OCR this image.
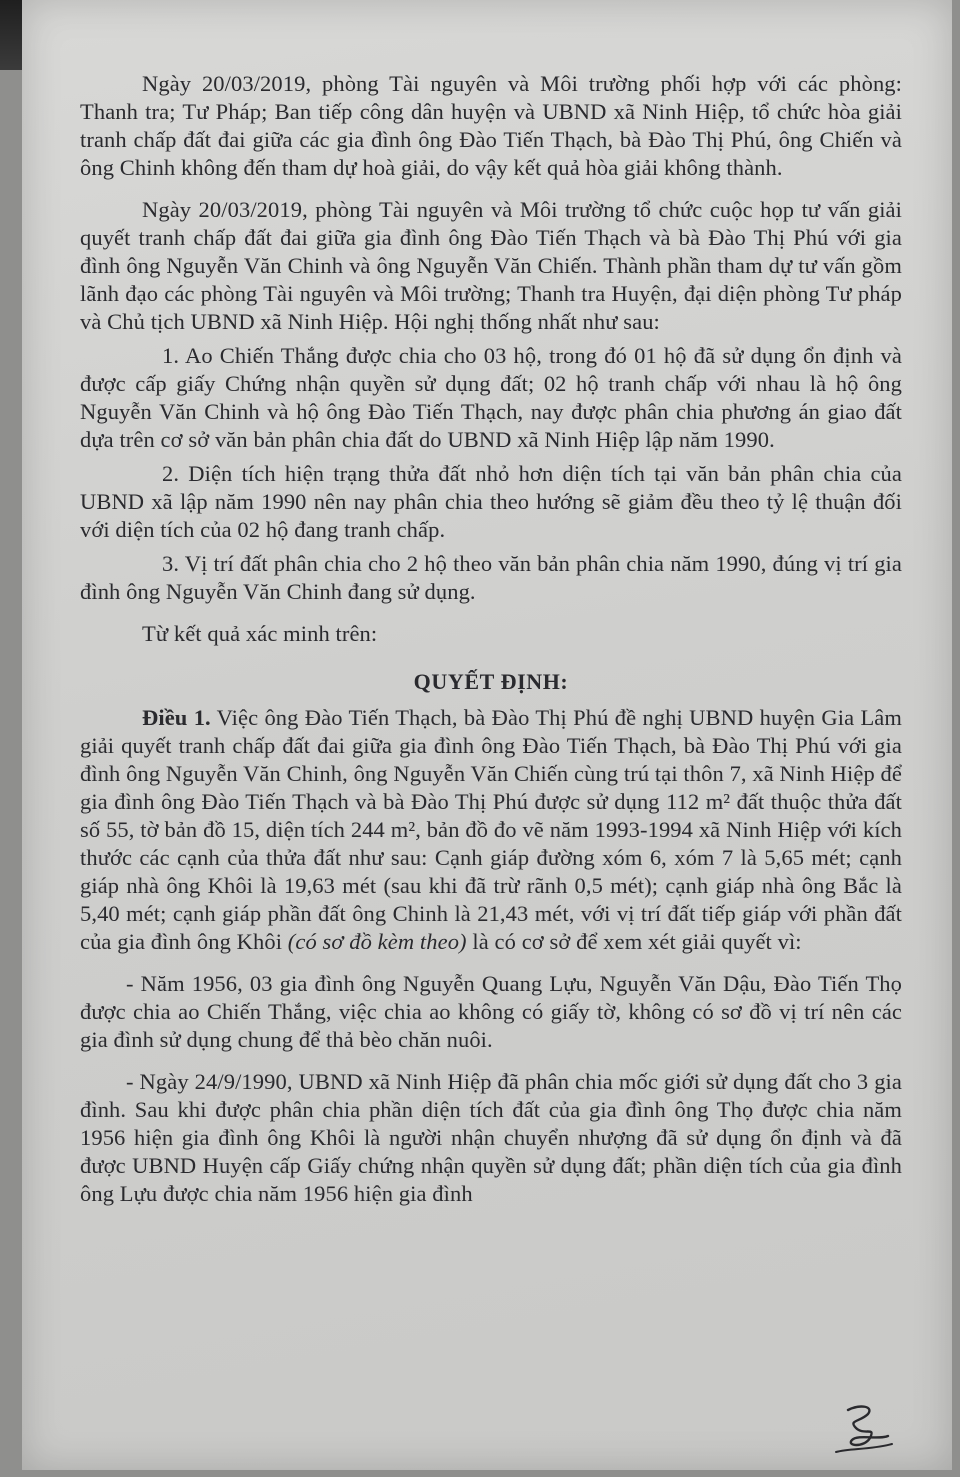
Ngày 20/03/2019, phòng Tài nguyên và Môi trường phối hợp với các phòng: Thanh tra; Tư Pháp; Ban tiếp công dân huyện và UBND xã Ninh Hiệp, tổ chức hòa giải tranh chấp đất đai giữa các gia đình ông Đào Tiến Thạch, bà Đào Thị Phú, ông Chiến và ông Chinh không đến tham dự hoà giải, do vậy kết quả hòa giải không thành.

Ngày 20/03/2019, phòng Tài nguyên và Môi trường tổ chức cuộc họp tư vấn giải quyết tranh chấp đất đai giữa gia đình ông Đào Tiến Thạch và bà Đào Thị Phú với gia đình ông Nguyễn Văn Chinh và ông Nguyễn Văn Chiến. Thành phần tham dự tư vấn gồm lãnh đạo các phòng Tài nguyên và Môi trường; Thanh tra Huyện, đại diện phòng Tư pháp và Chủ tịch UBND xã Ninh Hiệp. Hội nghị thống nhất như sau:

1. Ao Chiến Thắng được chia cho 03 hộ, trong đó 01 hộ đã sử dụng ổn định và được cấp giấy Chứng nhận quyền sử dụng đất; 02 hộ tranh chấp với nhau là hộ ông Nguyễn Văn Chinh và hộ ông Đào Tiến Thạch, nay được phân chia phương án giao đất dựa trên cơ sở văn bản phân chia đất do UBND xã Ninh Hiệp lập năm 1990.

2. Diện tích hiện trạng thửa đất nhỏ hơn diện tích tại văn bản phân chia của UBND xã lập năm 1990 nên nay phân chia theo hướng sẽ giảm đều theo tỷ lệ thuận đối với diện tích của 02 hộ đang tranh chấp.

3. Vị trí đất phân chia cho 2 hộ theo văn bản phân chia năm 1990, đúng vị trí gia đình ông Nguyễn Văn Chinh đang sử dụng.

Từ kết quả xác minh trên:

QUYẾT ĐỊNH:

Điều 1. Việc ông Đào Tiến Thạch, bà Đào Thị Phú đề nghị UBND huyện Gia Lâm giải quyết tranh chấp đất đai giữa gia đình ông Đào Tiến Thạch, bà Đào Thị Phú với gia đình ông Nguyễn Văn Chinh, ông Nguyễn Văn Chiến cùng trú tại thôn 7, xã Ninh Hiệp để gia đình ông Đào Tiến Thạch và bà Đào Thị Phú được sử dụng 112 m² đất thuộc thửa đất số 55, tờ bản đồ 15, diện tích 244 m², bản đồ đo vẽ năm 1993-1994 xã Ninh Hiệp với kích thước các cạnh của thửa đất như sau: Cạnh giáp đường xóm 6, xóm 7 là 5,65 mét; cạnh giáp nhà ông Khôi là 19,63 mét (sau khi đã trừ rãnh 0,5 mét); cạnh giáp nhà ông Bắc là 5,40 mét; cạnh giáp phần đất ông Chinh là 21,43 mét, với vị trí đất tiếp giáp với phần đất của gia đình ông Khôi (có sơ đồ kèm theo) là có cơ sở để xem xét giải quyết vì:

- Năm 1956, 03 gia đình ông Nguyễn Quang Lựu, Nguyễn Văn Dậu, Đào Tiến Thọ được chia ao Chiến Thắng, việc chia ao không có giấy tờ, không có sơ đồ vị trí nên các gia đình sử dụng chung để thả bèo chăn nuôi.

- Ngày 24/9/1990, UBND xã Ninh Hiệp đã phân chia mốc giới sử dụng đất cho 3 gia đình. Sau khi được phân chia phần diện tích đất của gia đình ông Thọ được chia năm 1956 hiện gia đình ông Khôi là người nhận chuyển nhượng đã sử dụng ổn định và đã được UBND Huyện cấp Giấy chứng nhận quyền sử dụng đất; phần diện tích của gia đình ông Lựu được chia năm 1956 hiện gia đình
